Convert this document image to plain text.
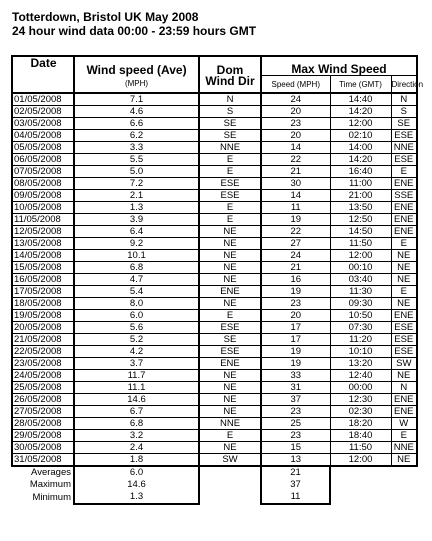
Totterdown, Bristol UK May 2008
24 hour wind data 00:00 - 23:59 hours GMT
Date	Wind speed (Ave)	Dom	Max Wind Speed		
	(MPH)	Wind Dir	Speed (MPH)	Time (GMT)	Direction
01/05/2008	7.1	N	24	14:40	N
02/05/2008	4.6	S	20	14:20	S
03/05/2008	6.6	SE	23	12:00	SE
04/05/2008	6.2	SE	20	02:10	ESE
05/05/2008	3.3	NNE	14	14:00	NNE
06/05/2008	5.5	E	22	14:20	ESE
07/05/2008	5.0	E	21	16:40	E
08/05/2008	7.2	ESE	30	11:00	ENE
09/05/2008	2.1	ESE	14	21:00	SSE
10/05/2008	1.3	E	11	13:50	ENE
11/05/2008	3.9	E	19	12:50	ENE
12/05/2008	6.4	NE	22	14:50	ENE
13/05/2008	9.2	NE	27	11:50	E
14/05/2008	10.1	NE	24	12:00	NE
15/05/2008	6.8	NE	21	00:10	NE
16/05/2008	4.7	NE	16	03:40	NE
17/05/2008	5.4	ENE	19	11:30	E
18/05/2008	8.0	NE	23	09:30	NE
19/05/2008	6.0	E	20	10:50	ENE
20/05/2008	5.6	ESE	17	07:30	ESE
21/05/2008	5.2	SE	17	11:20	ESE
22/05/2008	4.2	ESE	19	10:10	ESE
23/05/2008	3.7	ENE	19	13:20	SW
24/05/2008	11.7	NE	33	12:40	NE
25/05/2008	11.1	NE	31	00:00	N
26/05/2008	14.6	NE	37	12:30	ENE
27/05/2008	6.7	NE	23	02:30	ENE
28/05/2008	6.8	NNE	25	18:20	W
29/05/2008	3.2	E	23	18:40	E
30/05/2008	2.4	NE	15	11:50	NNE
31/05/2008	1.8	SW	13	12:00	NE
Averages	6.0		21		
Maximum	14.6		37		
Minimum	1.3		11		
